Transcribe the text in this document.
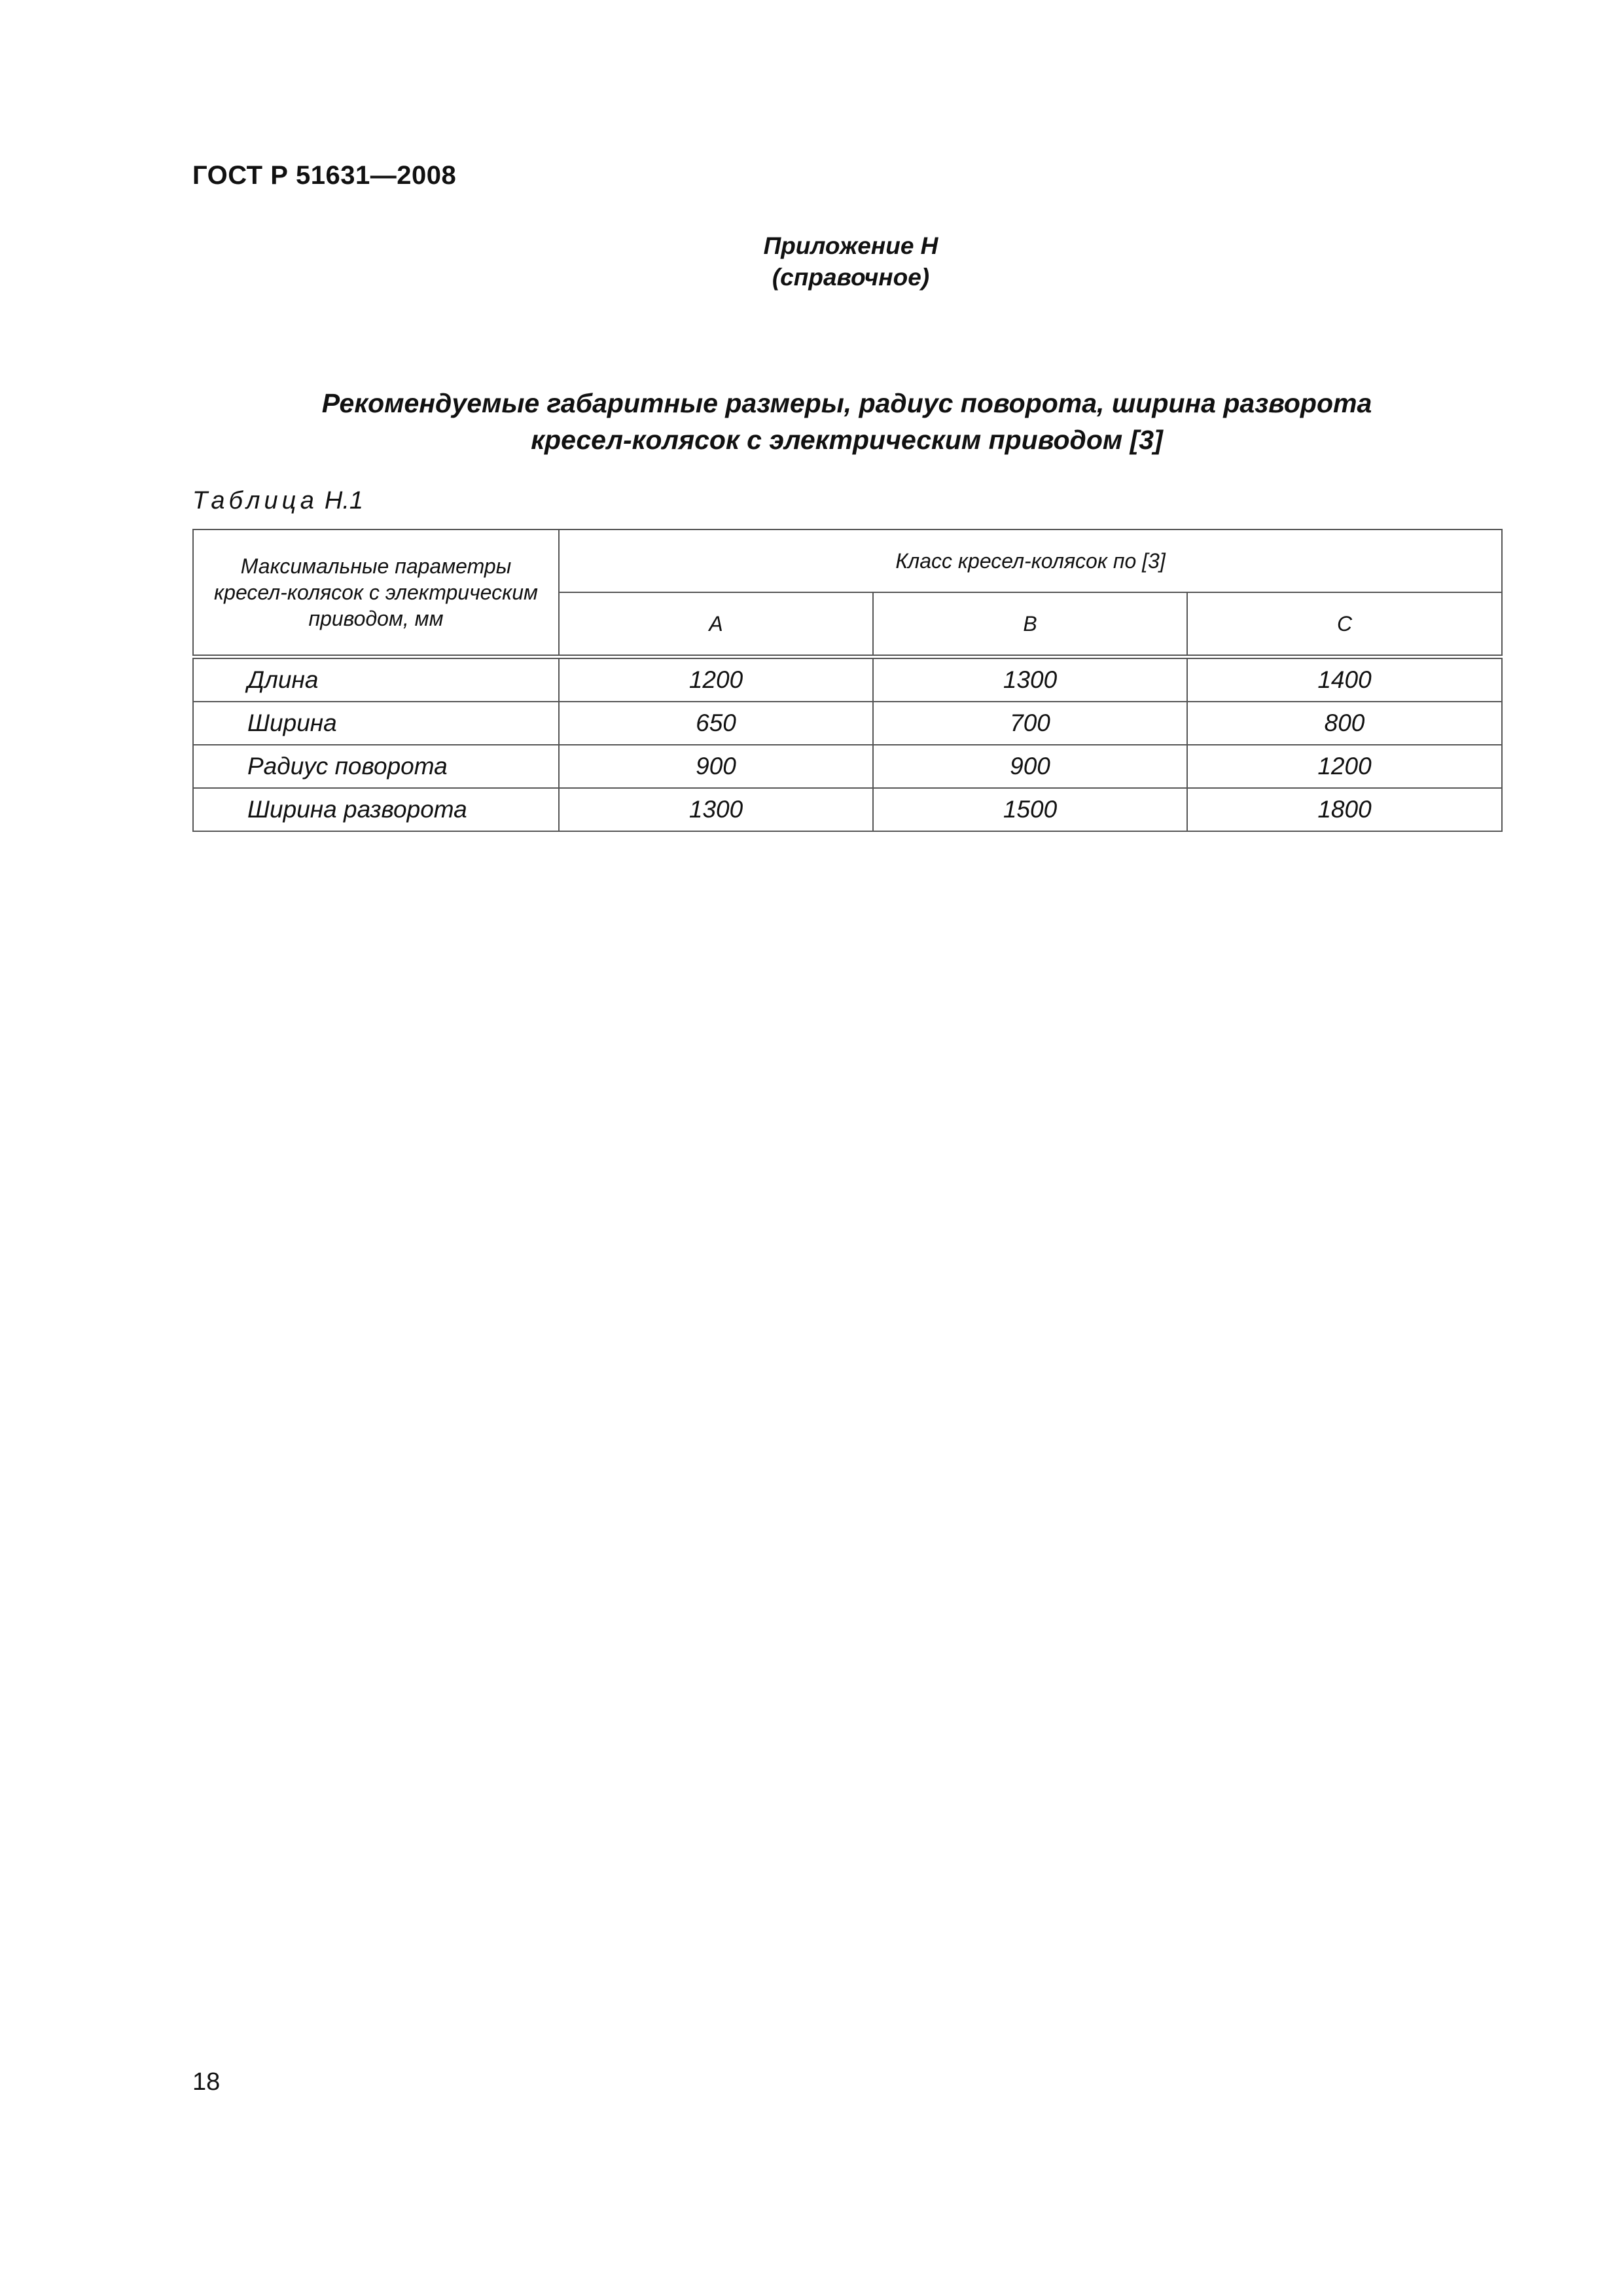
ГОСТ Р 51631—2008
Приложение Н
(справочное)
Рекомендуемые габаритные размеры, радиус поворота, ширина разворота
кресел-колясок с электрическим приводом [3]
Таблица Н.1
Максимальные параметры кресел-колясок с электрическим приводом, мм	Класс кресел-колясок по [3]		
	А	В	С
Длина	1200	1300	1400
Ширина	650	700	800
Радиус поворота	900	900	1200
Ширина разворота	1300	1500	1800
18
